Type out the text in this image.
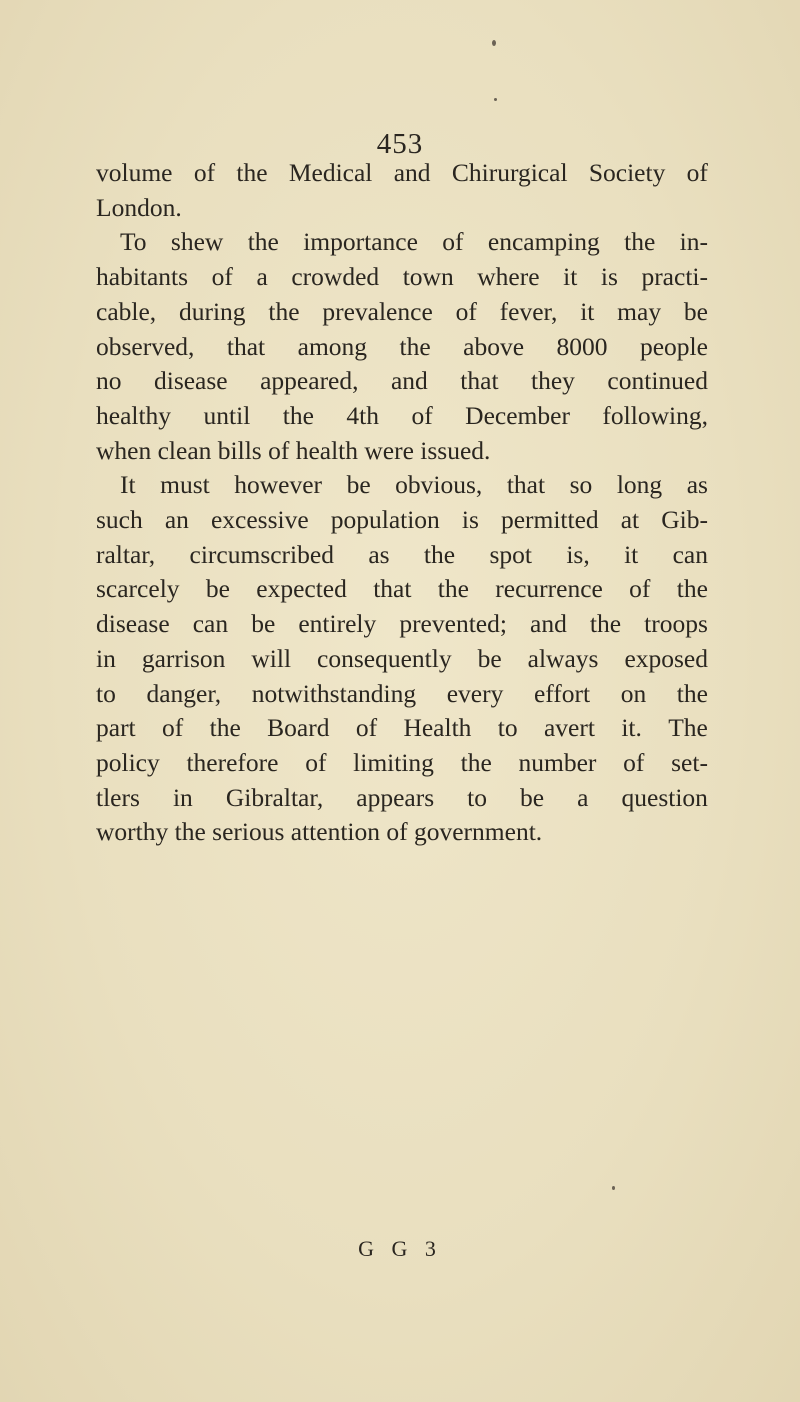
453
volume of the Medical and Chirurgical Society of
London.
To shew the importance of encamping the in-
habitants of a crowded town where it is practi-
cable, during the prevalence of fever, it may be
observed, that among the above 8000 people
no disease appeared, and that they continued
healthy until the 4th of December following,
when clean bills of health were issued.
It must however be obvious, that so long as
such an excessive population is permitted at Gib-
raltar, circumscribed as the spot is, it can
scarcely be expected that the recurrence of the
disease can be entirely prevented; and the troops
in garrison will consequently be always exposed
to danger, notwithstanding every effort on the
part of the Board of Health to avert it. The
policy therefore of limiting the number of set-
tlers in Gibraltar, appears to be a question
worthy the serious attention of government.
G G 3
